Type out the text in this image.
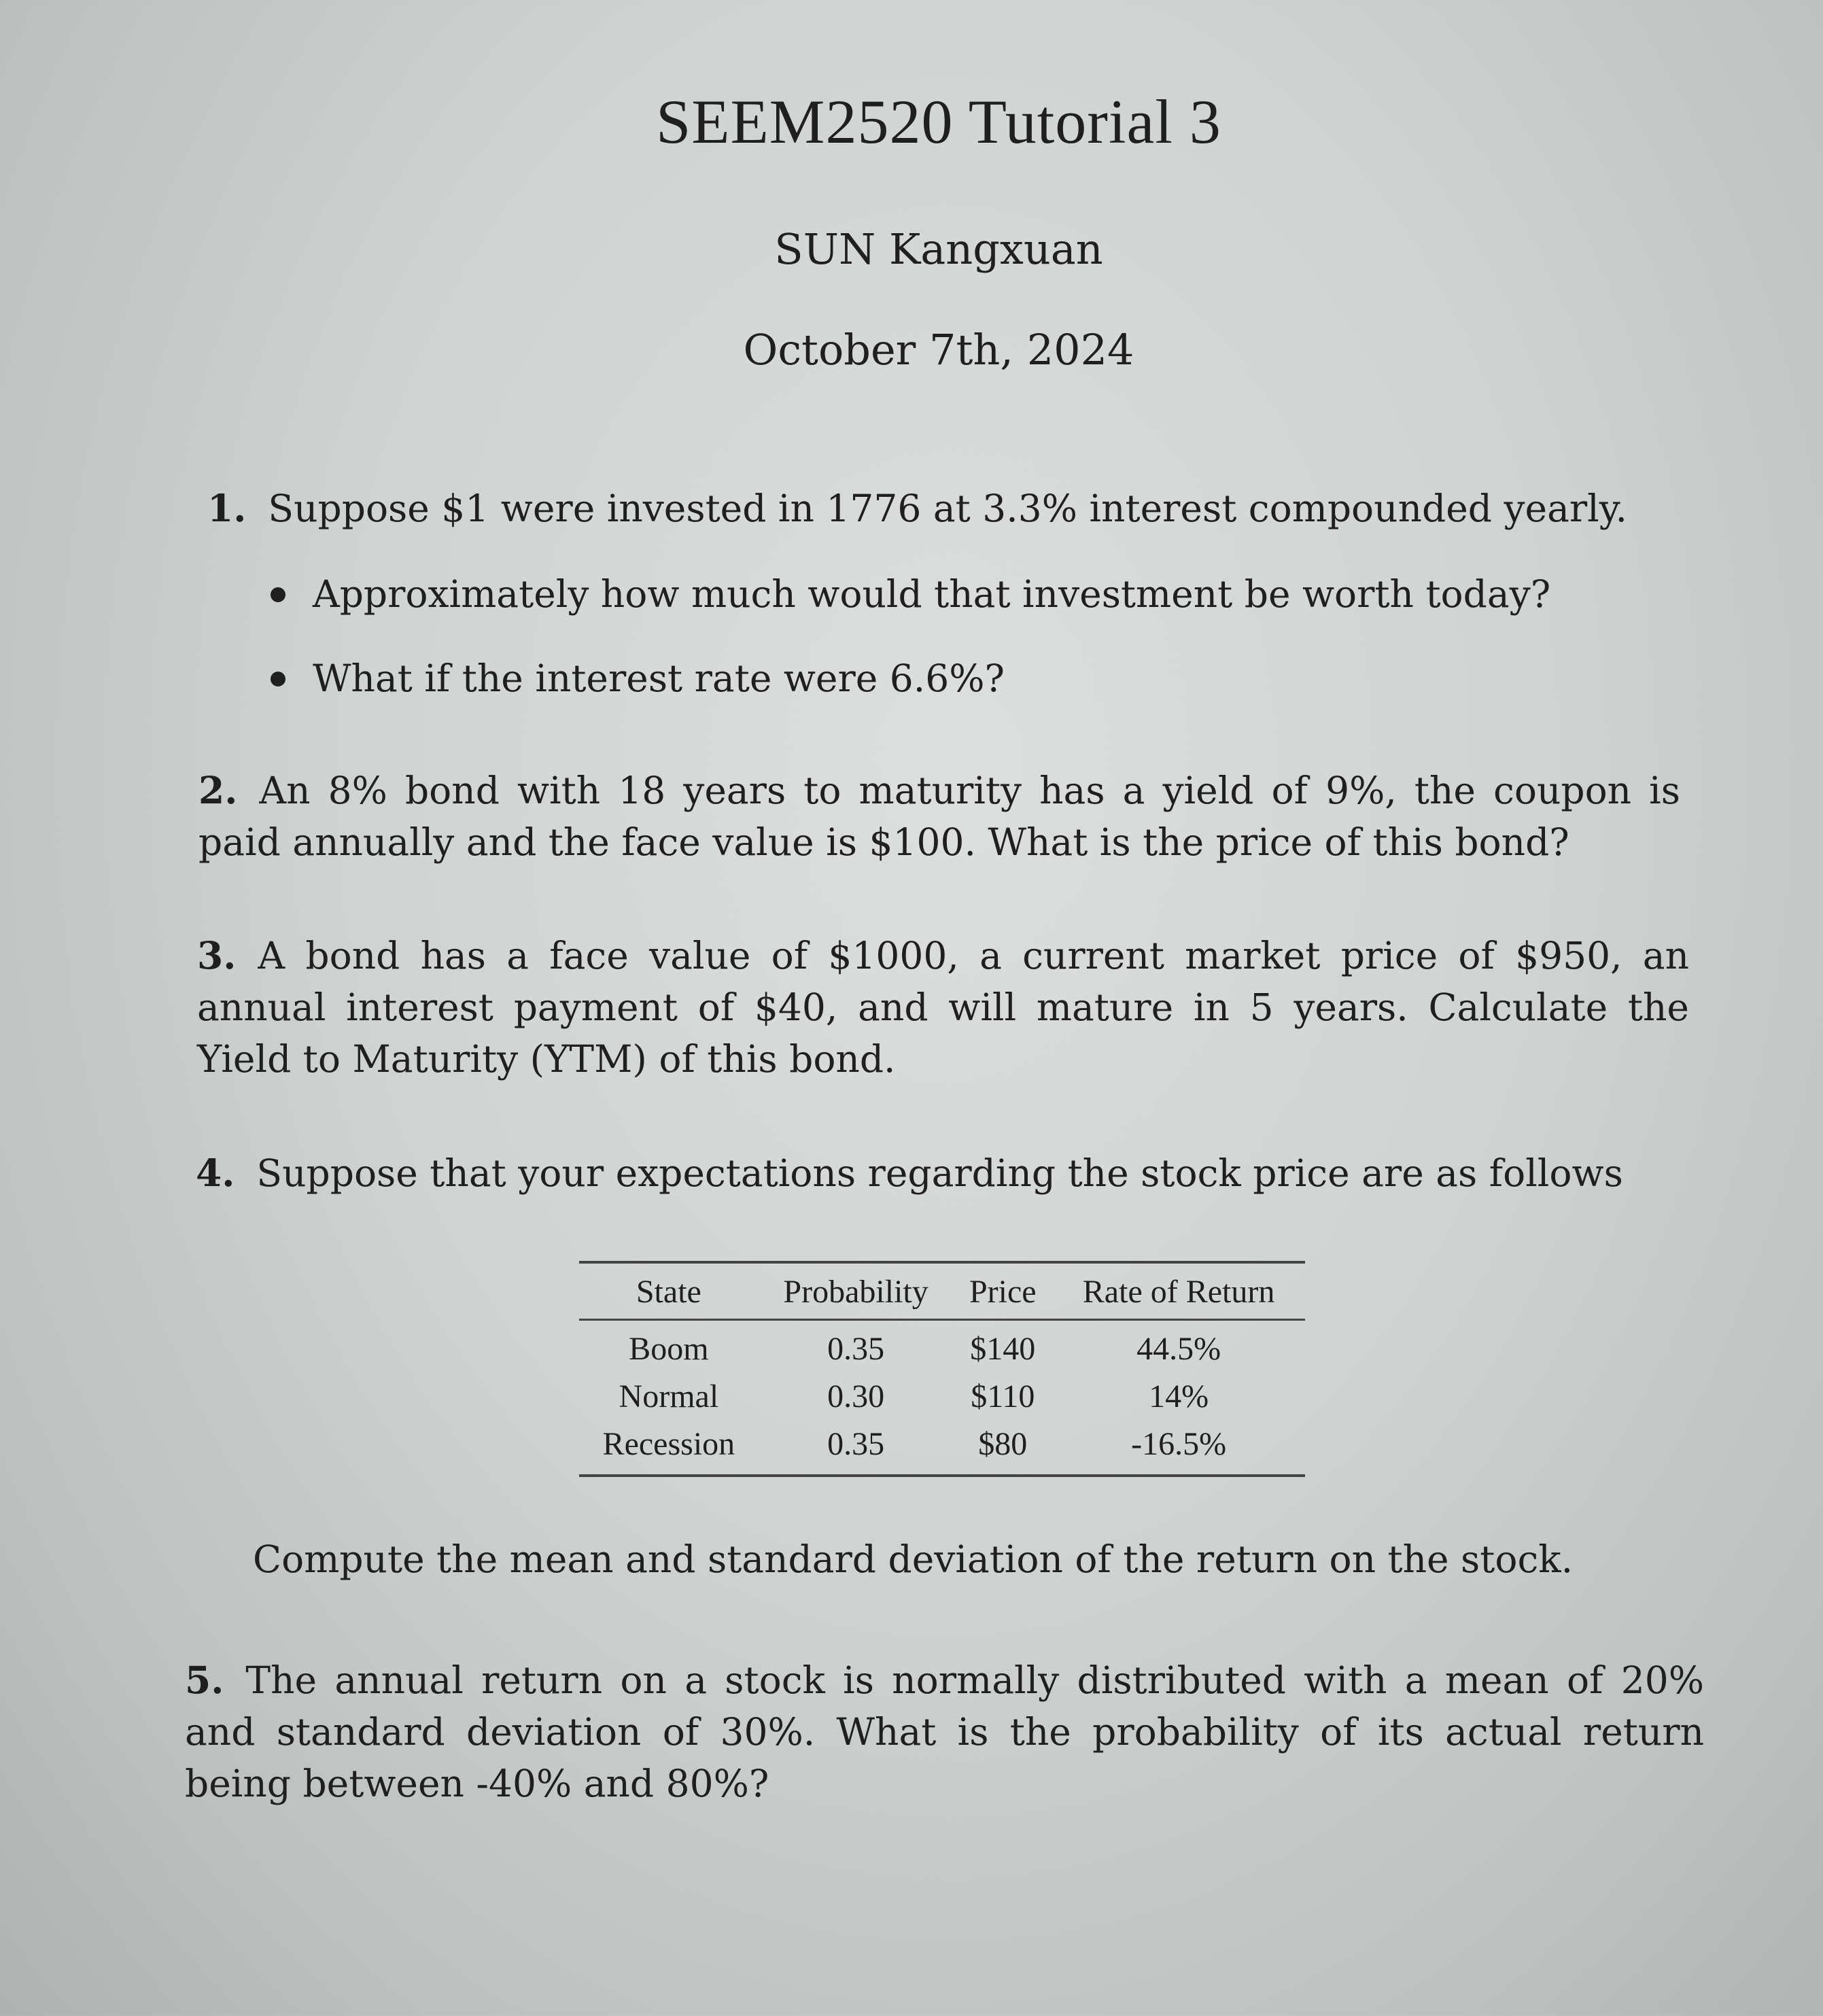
SEEM2520 Tutorial 3
SUN Kangxuan
October 7th, 2024
1. Suppose $1 were invested in 1776 at 3.3% interest compounded yearly.
Approximately how much would that investment be worth today?
What if the interest rate were 6.6%?
2. An 8% bond with 18 years to maturity has a yield of 9%, the coupon is paid annually and the face value is $100. What is the price of this bond?
3. A bond has a face value of $1000, a current market price of $950, an annual interest payment of $40, and will mature in 5 years. Calculate the Yield to Maturity (YTM) of this bond.
4. Suppose that your expectations regarding the stock price are as follows
State	Probability	Price	Rate of Return
Boom	0.35	$140	44.5%
Normal	0.30	$110	14%
Recession	0.35	$80	-16.5%
Compute the mean and standard deviation of the return on the stock.
5. The annual return on a stock is normally distributed with a mean of 20% and standard deviation of 30%. What is the probability of its actual return being between -40% and 80%?
